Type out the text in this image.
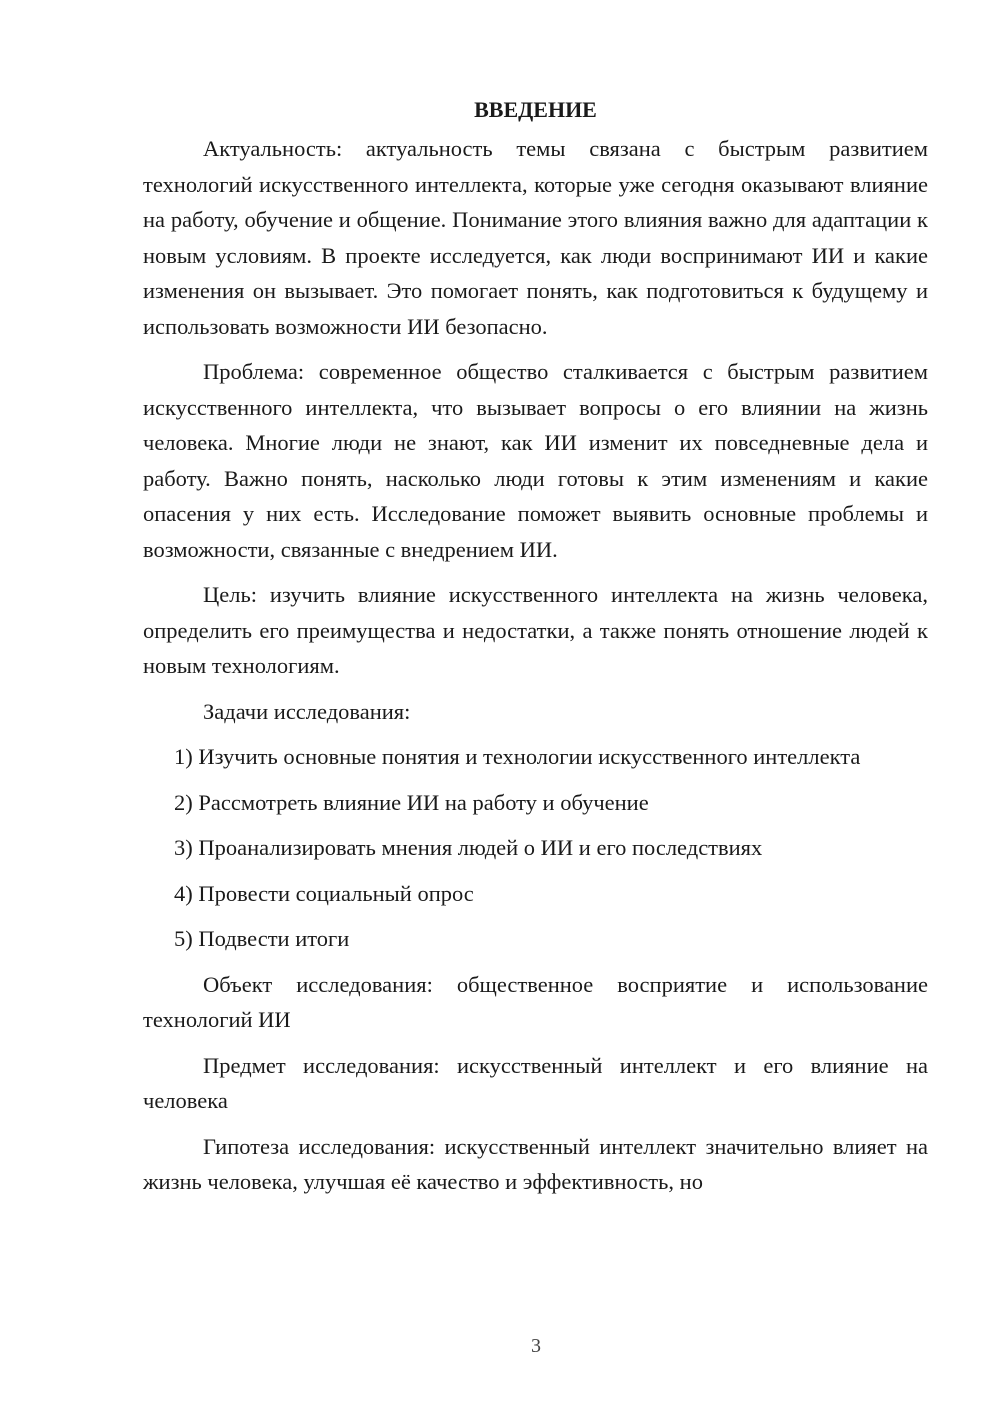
ВВЕДЕНИЕ

Актуальность: актуальность темы связана с быстрым развитием технологий искусственного интеллекта, которые уже сегодня оказывают влияние на работу, обучение и общение. Понимание этого влияния важно для адаптации к новым условиям. В проекте исследуется, как люди воспринимают ИИ и какие изменения он вызывает. Это помогает понять, как подготовиться к будущему и использовать возможности ИИ безопасно.

Проблема: современное общество сталкивается с быстрым развитием искусственного интеллекта, что вызывает вопросы о его влиянии на жизнь человека. Многие люди не знают, как ИИ изменит их повседневные дела и работу. Важно понять, насколько люди готовы к этим изменениям и какие опасения у них есть. Исследование поможет выявить основные проблемы и возможности, связанные с внедрением ИИ.

Цель: изучить влияние искусственного интеллекта на жизнь человека, определить его преимущества и недостатки, а также понять отношение людей к новым технологиям.

Задачи исследования:

1) Изучить основные понятия и технологии искусственного интеллекта

2) Рассмотреть влияние ИИ на работу и обучение

3) Проанализировать мнения людей о ИИ и его последствиях

4) Провести социальный опрос

5) Подвести итоги

Объект исследования: общественное восприятие и использование технологий ИИ

Предмет исследования: искусственный интеллект и его влияние на человека

Гипотеза исследования: искусственный интеллект значительно влияет на жизнь человека, улучшая её качество и эффективность, но

3
